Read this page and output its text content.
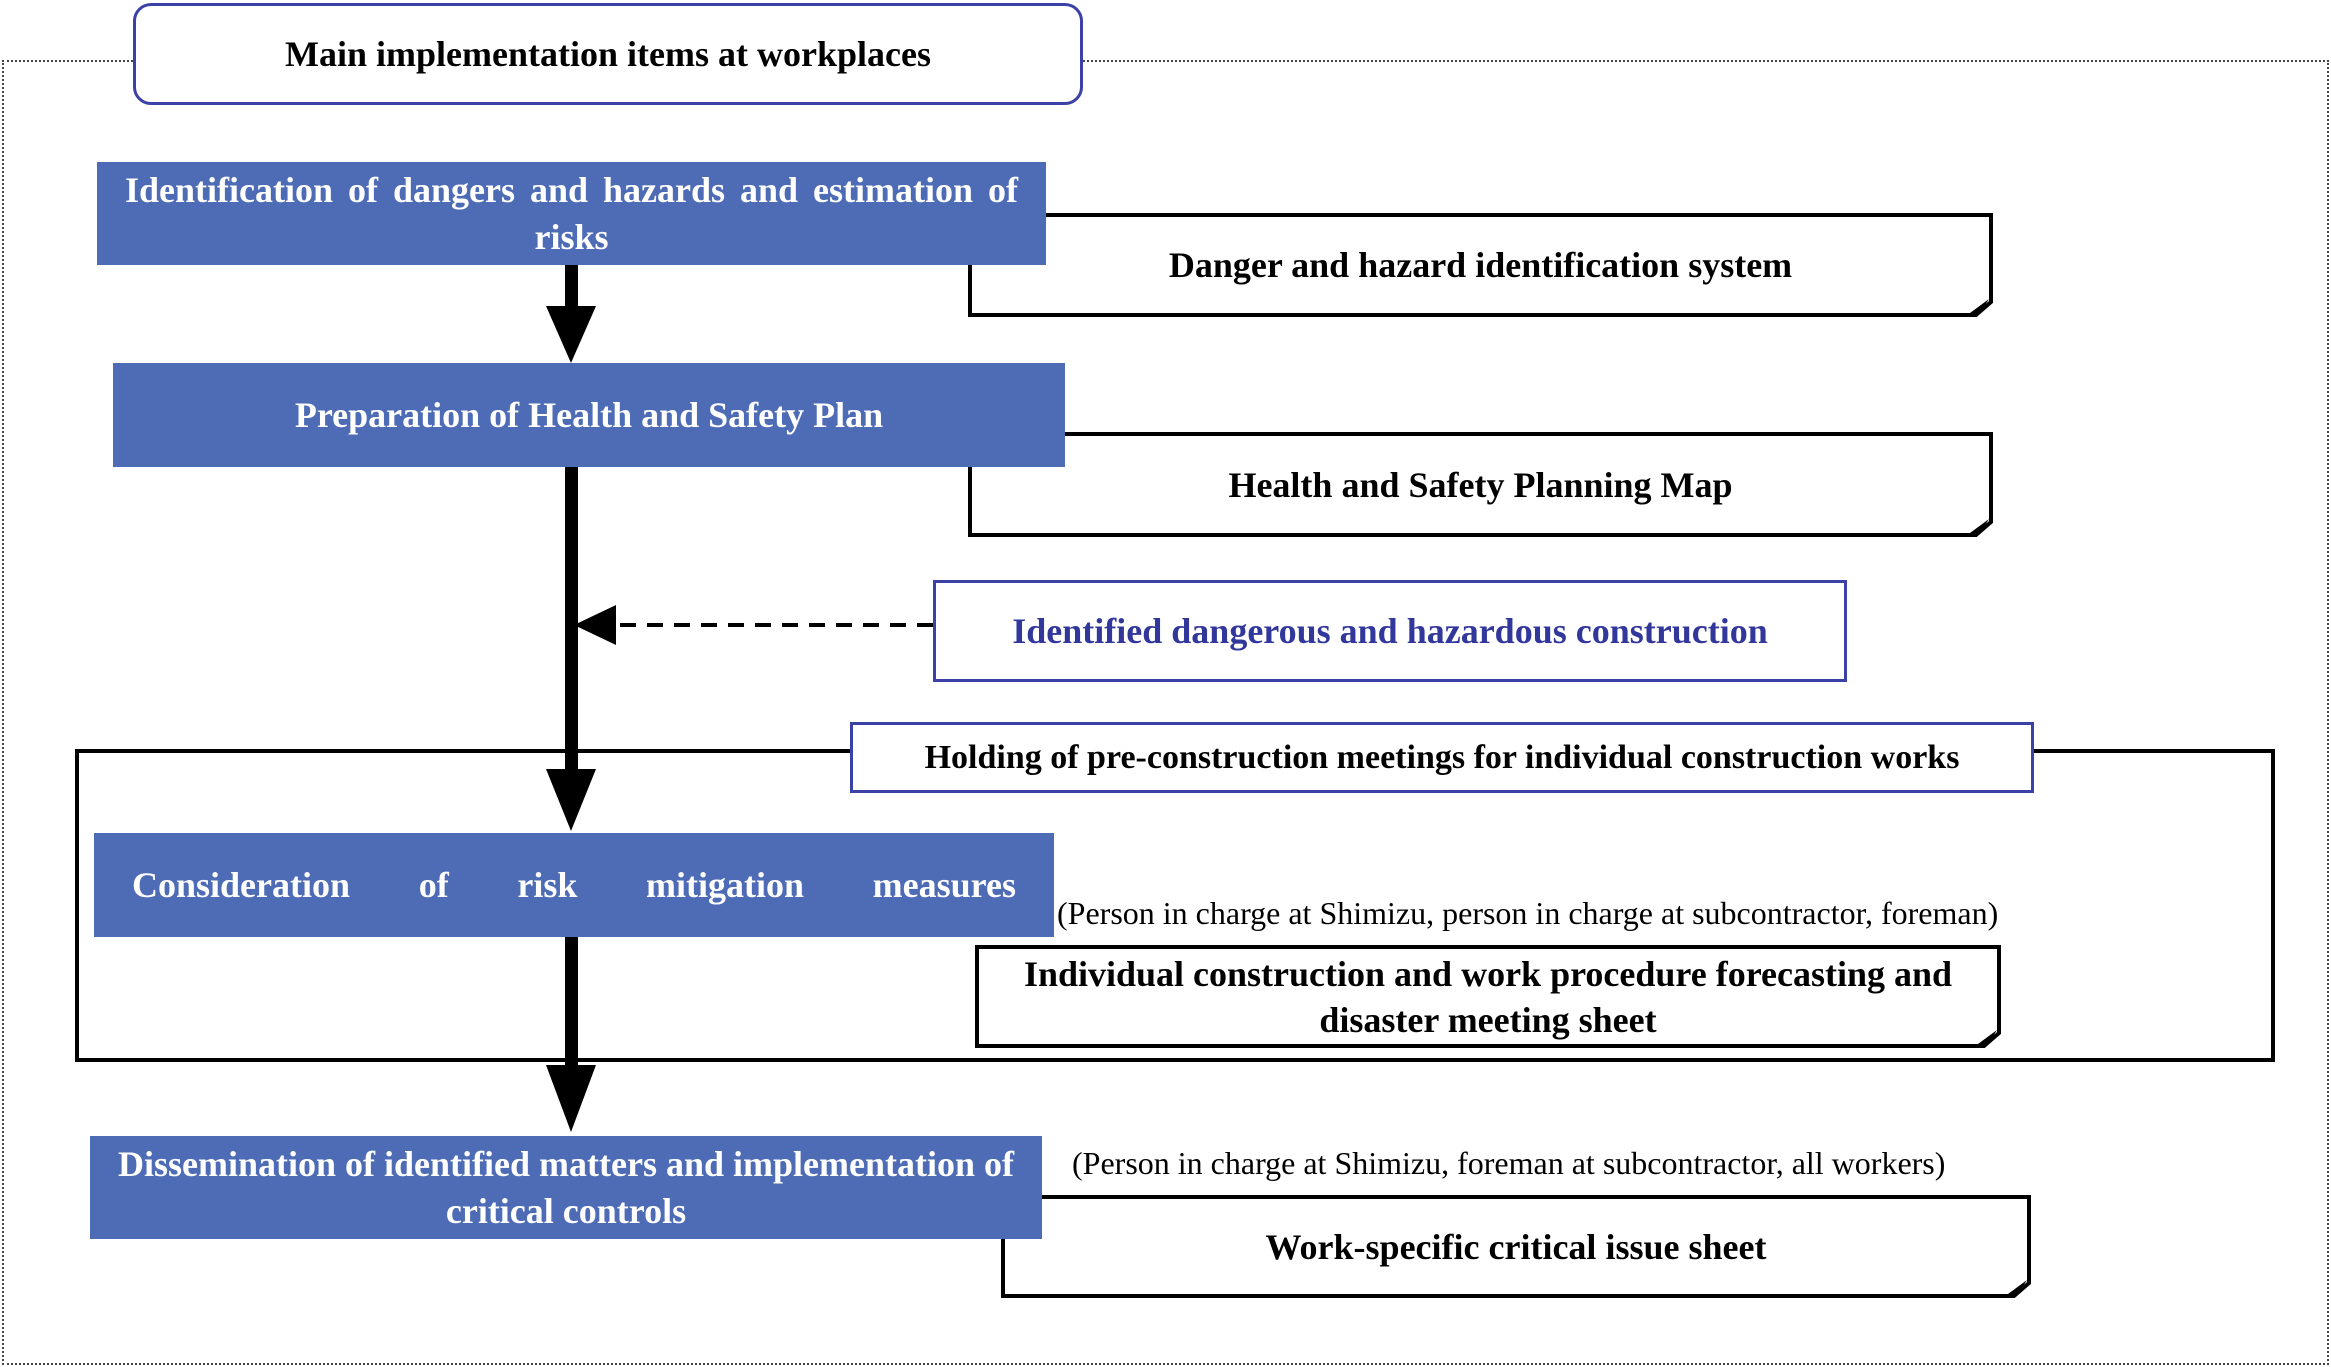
Danger and hazard identification system
Health and Safety Planning Map
Individual construction and work procedure forecasting and disaster meeting sheet
Work-specific critical issue sheet
Main implementation items at workplaces
Identification of dangers and hazards and estimation of risks
Preparation of Health and Safety Plan
Consideration of risk mitigation measures
Dissemination of identified matters and implementation of critical controls
Identified dangerous and hazardous construction
Holding of pre-construction meetings for individual construction works
(Person in charge at Shimizu, person in charge at subcontractor, foreman)
(Person in charge at Shimizu, foreman at subcontractor, all workers)
